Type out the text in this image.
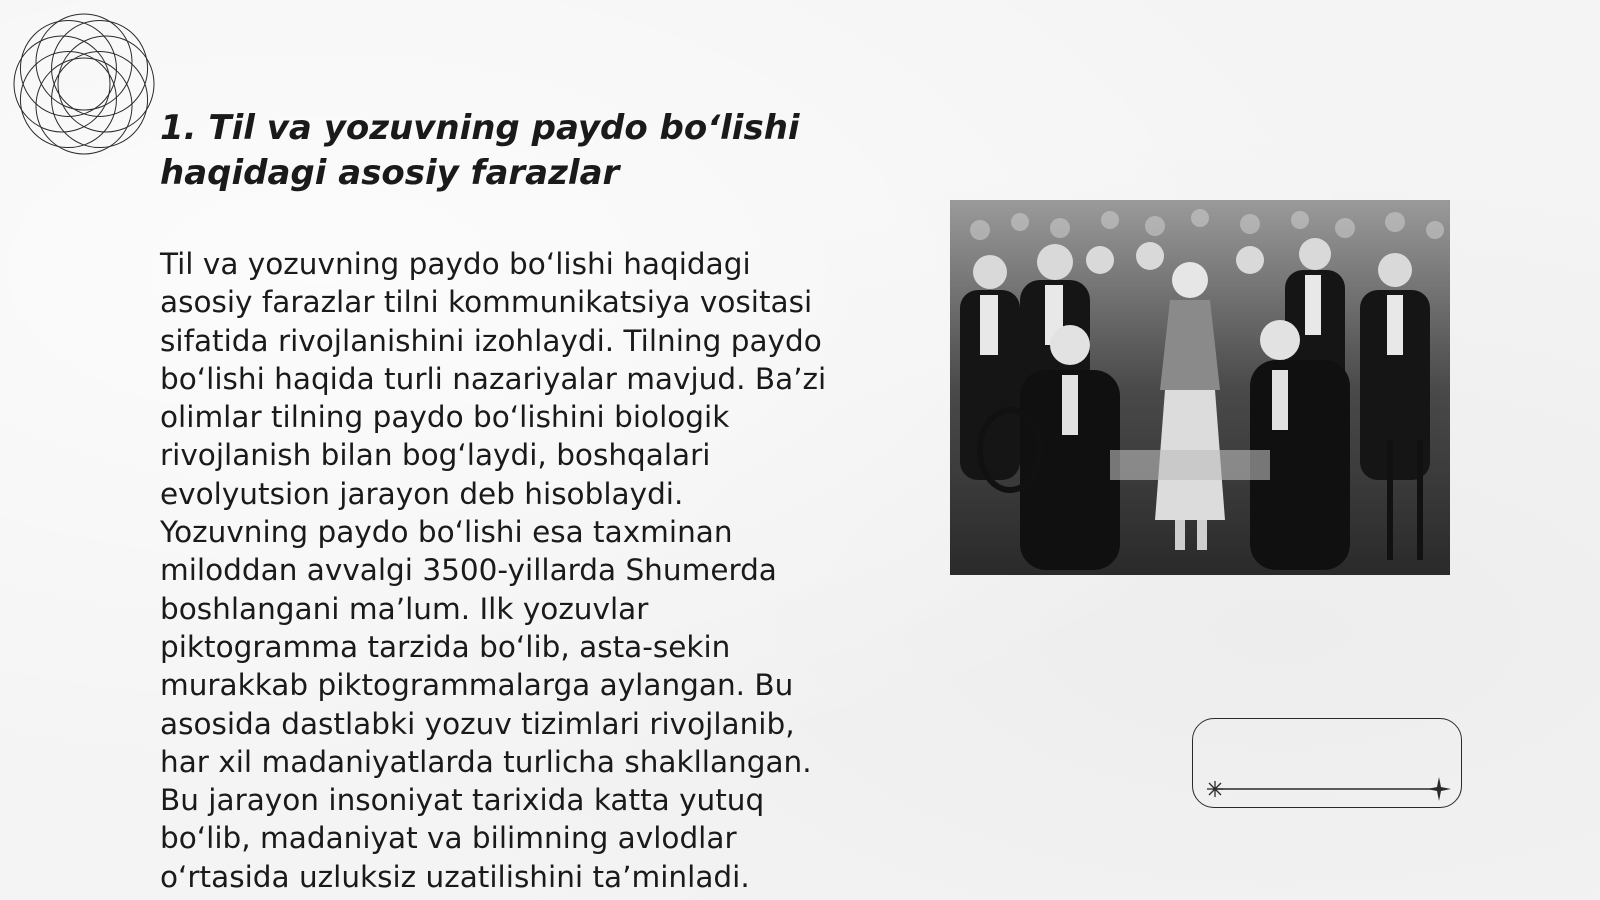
1. Til va yozuvning paydo bo‘lishi haqidagi asosiy farazlar

Til va yozuvning paydo bo‘lishi haqidagi asosiy farazlar tilni kommunikatsiya vositasi sifatida rivojlanishini izohlaydi. Tilning paydo bo‘lishi haqida turli nazariyalar mavjud. Ba’zi olimlar tilning paydo bo‘lishini biologik rivojlanish bilan bog‘laydi, boshqalari evolyutsion jarayon deb hisoblaydi. Yozuvning paydo bo‘lishi esa taxminan miloddan avvalgi 3500-yillarda Shumerda boshlangani ma’lum. Ilk yozuvlar piktogramma tarzida bo‘lib, asta-sekin murakkab piktogrammalarga aylangan. Bu asosida dastlabki yozuv tizimlari rivojlanib, har xil madaniyatlarda turlicha shakllangan. Bu jarayon insoniyat tarixida katta yutuq bo‘lib, madaniyat va bilimning avlodlar o‘rtasida uzluksiz uzatilishini ta’minladi.
